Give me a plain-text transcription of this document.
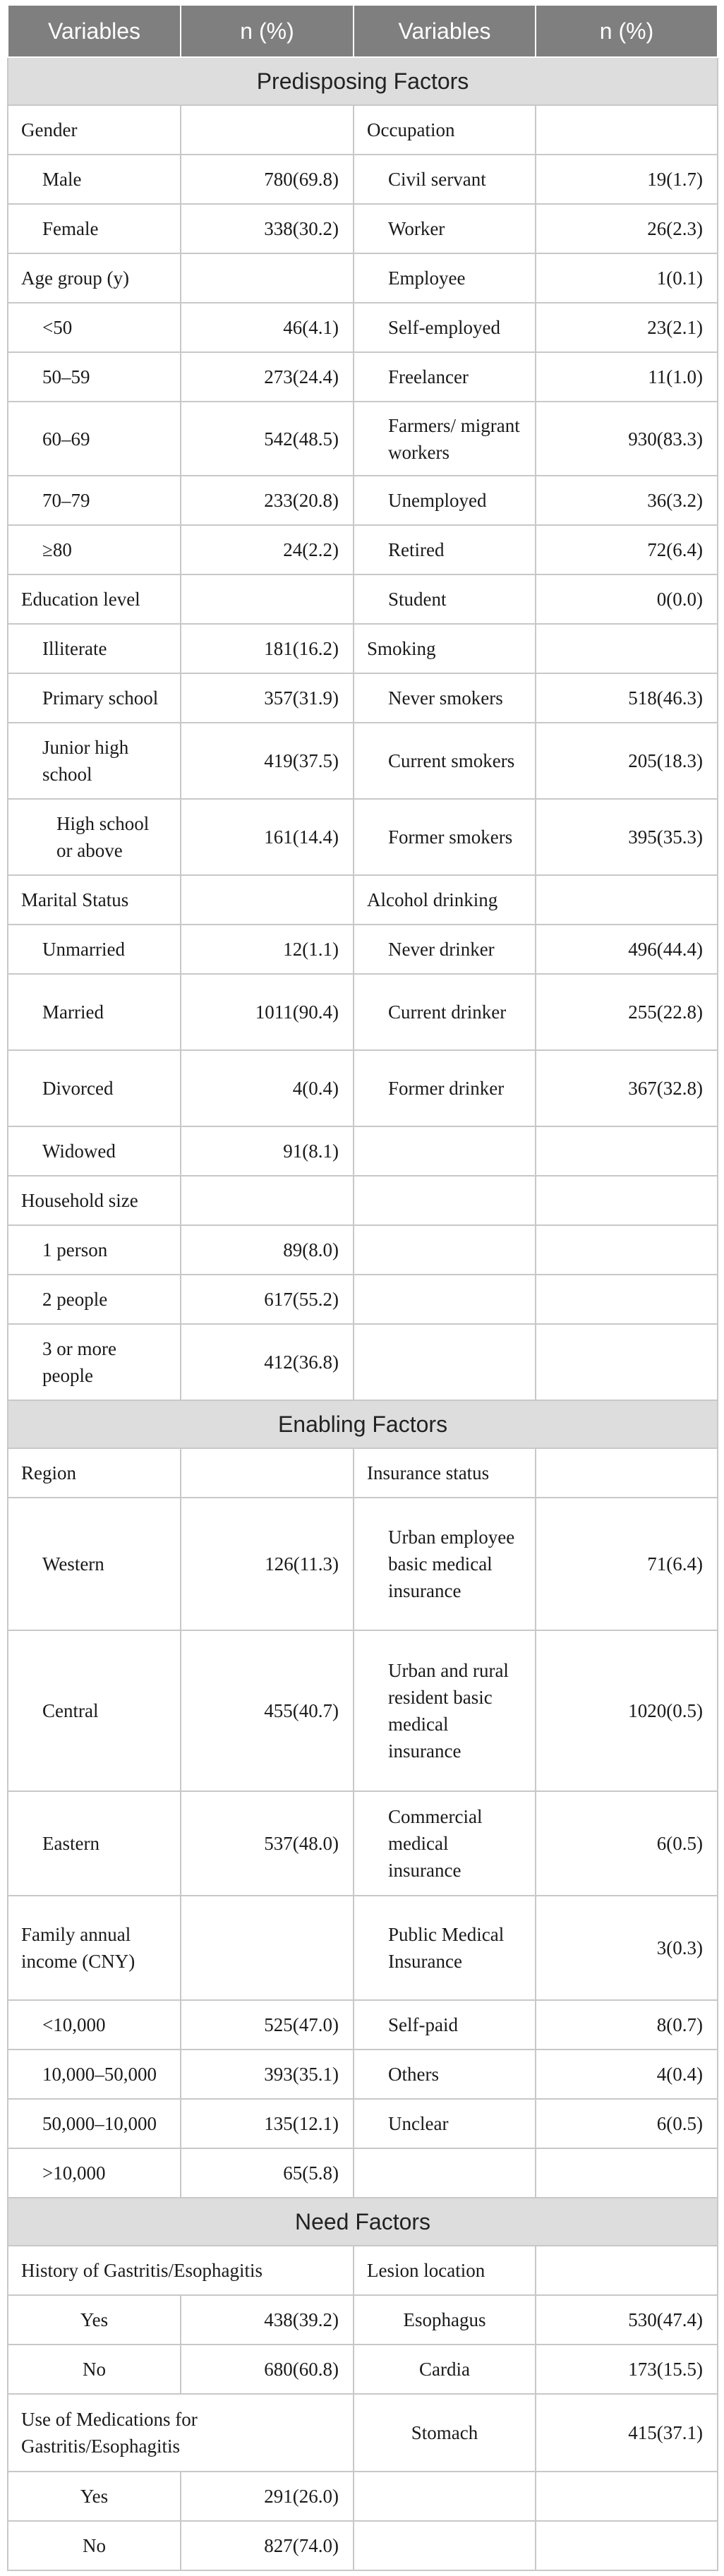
Variables	n (%)	Variables	n (%)
Predisposing Factors			
Gender		Occupation	
Male	780(69.8)	Civil servant	19(1.7)
Female	338(30.2)	Worker	26(2.3)
Age group (y)		Employee	1(0.1)
<50	46(4.1)	Self-employed	23(2.1)
50–59	273(24.4)	Freelancer	11(1.0)
60–69	542(48.5)	Farmers/ migrant workers	930(83.3)
70–79	233(20.8)	Unemployed	36(3.2)
≥80	24(2.2)	Retired	72(6.4)
Education level		Student	0(0.0)
Illiterate	181(16.2)	Smoking	
Primary school	357(31.9)	Never smokers	518(46.3)
Junior high school	419(37.5)	Current smokers	205(18.3)
High school or above	161(14.4)	Former smokers	395(35.3)
Marital Status		Alcohol drinking	
Unmarried	12(1.1)	Never drinker	496(44.4)
Married	1011(90.4)	Current drinker	255(22.8)
Divorced	4(0.4)	Former drinker	367(32.8)
Widowed	91(8.1)		
Household size			
1 person	89(8.0)		
2 people	617(55.2)		
3 or more people	412(36.8)		
Enabling Factors			
Region		Insurance status	
Western	126(11.3)	Urban employee basic medical insurance	71(6.4)
Central	455(40.7)	Urban and rural resident basic medical insurance	1020(0.5)
Eastern	537(48.0)	Commercial medical insurance	6(0.5)
Family annual income (CNY)		Public Medical Insurance	3(0.3)
<10,000	525(47.0)	Self-paid	8(0.7)
10,000–50,000	393(35.1)	Others	4(0.4)
50,000–10,000	135(12.1)	Unclear	6(0.5)
>10,000	65(5.8)		
Need Factors			
History of Gastritis/Esophagitis		Lesion location	
Yes	438(39.2)	Esophagus	530(47.4)
No	680(60.8)	Cardia	173(15.5)
Use of Medications for Gastritis/Esophagitis		Stomach	415(37.1)
Yes	291(26.0)		
No	827(74.0)		
